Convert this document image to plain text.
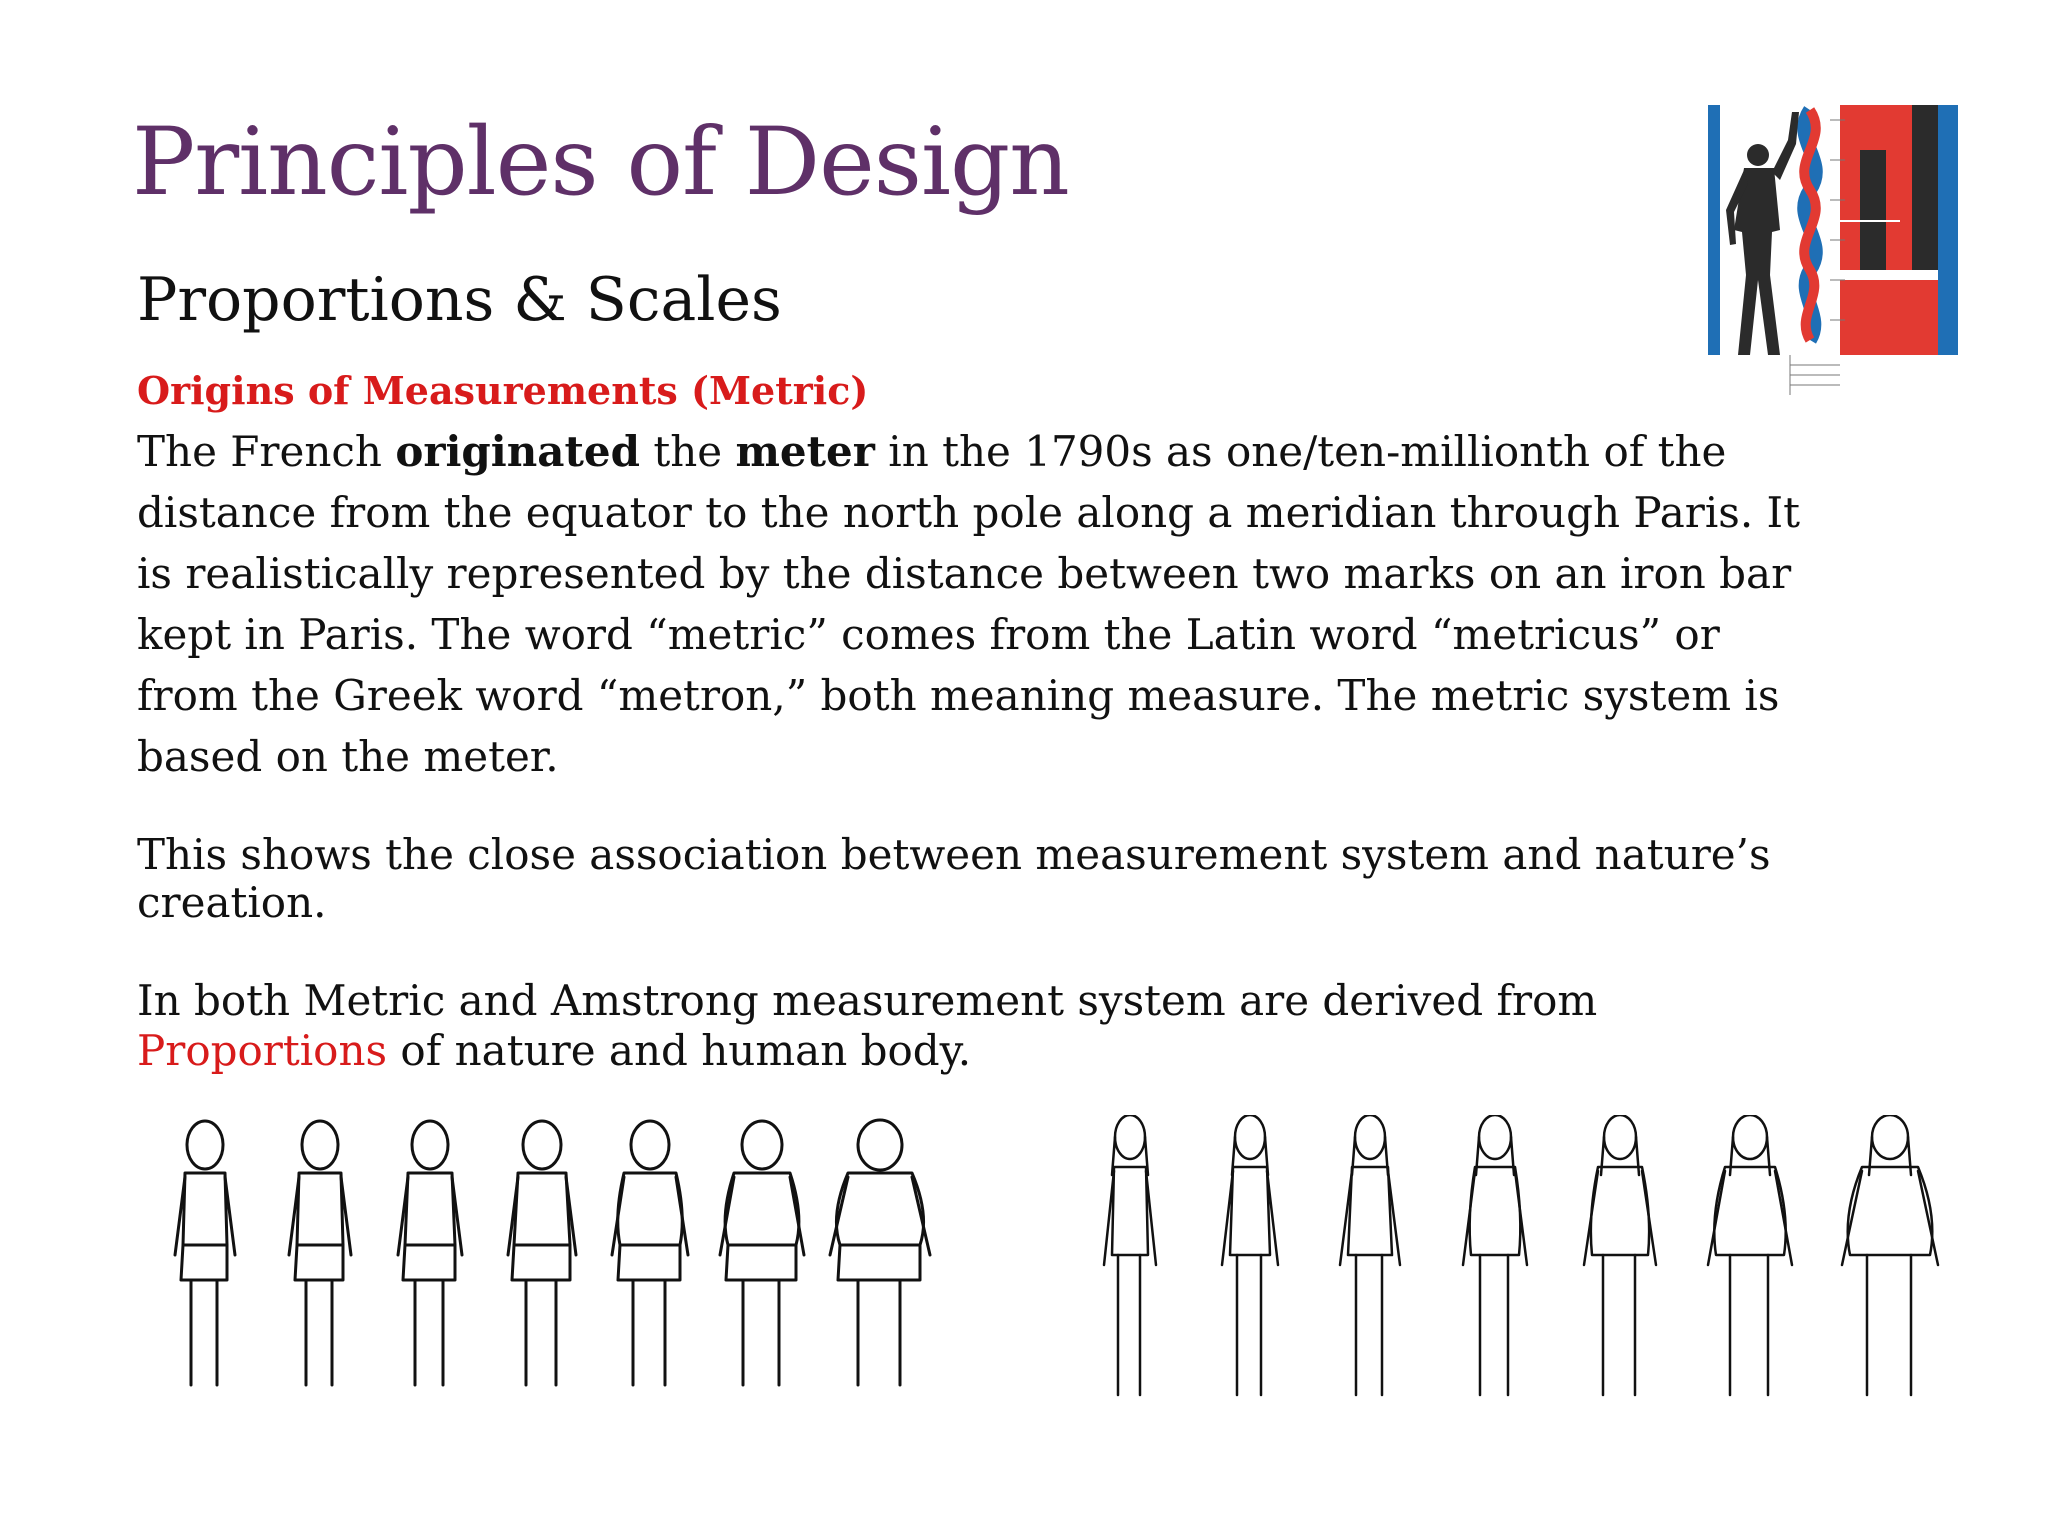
Principles of Design
Proportions & Scales
Origins of Measurements (Metric)

The French originated the meter in the 1790s as one/ten-millionth of the
distance from the equator to the north pole along a meridian through Paris. It
is realistically represented by the distance between two marks on an iron bar
kept in Paris. The word “metric” comes from the Latin word “metricus” or
from the Greek word “metron,” both meaning measure. The metric system is
based on the meter.

This shows the close association between measurement system and nature’s
creation.

In both Metric and Amstrong measurement system are derived from
Proportions of nature and human body.
